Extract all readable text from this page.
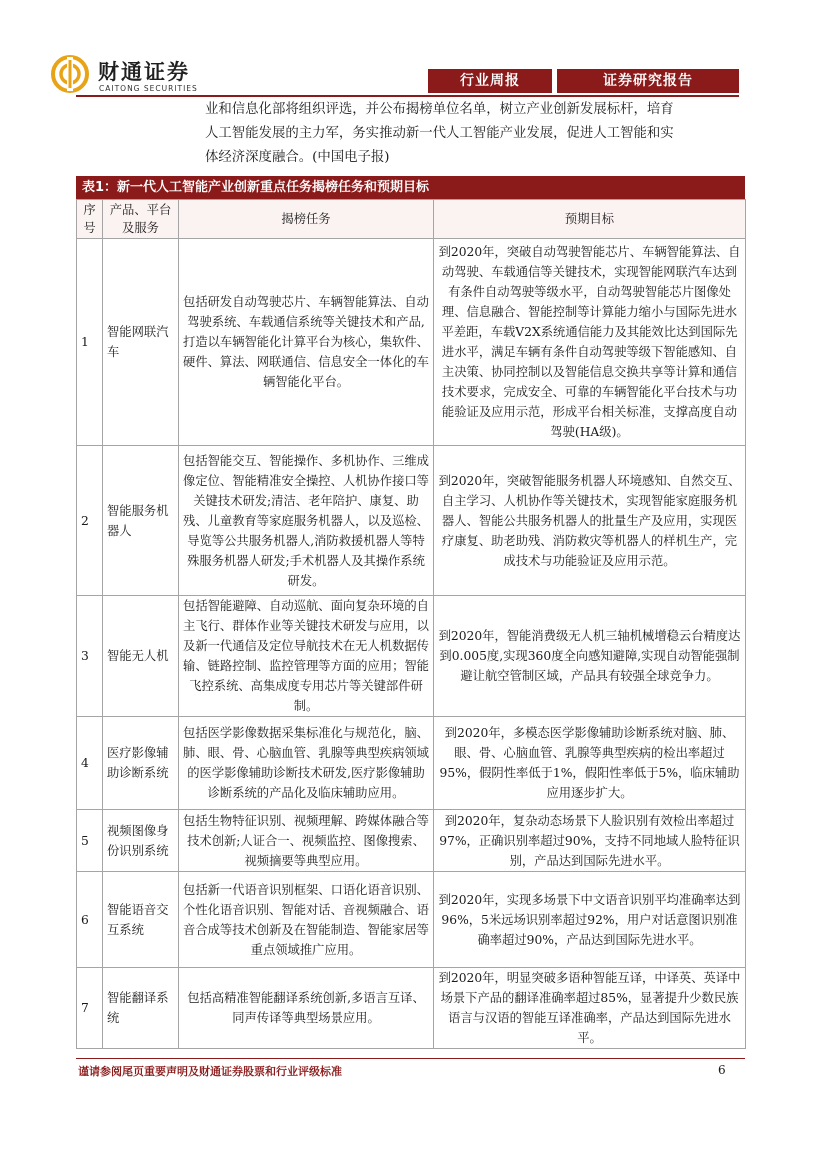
财通证券
CAITONG SECURITIES	行业周报	证券研究报告

业和信息化部将组织评选，并公布揭榜单位名单，树立产业创新发展标杆，培育

人工智能发展的主力军，务实推动新一代人工智能产业发展，促进人工智能和实

体经济深度融合。(中国电子报)

表1：新一代人工智能产业创新重点任务揭榜任务和预期目标
序号	产品、平台及服务	揭榜任务	预期目标
1	智能网联汽车	包括研发自动驾驶芯片、车辆智能算法、自动驾驶系统、车载通信系统等关键技术和产品,打造以车辆智能化计算平台为核心，集软件、硬件、算法、网联通信、信息安全一体化的车辆智能化平台。	到2020年，突破自动驾驶智能芯片、车辆智能算法、自动驾驶、车载通信等关键技术，实现智能网联汽车达到有条件自动驾驶等级水平，自动驾驶智能芯片图像处理、信息融合、智能控制等计算能力缩小与国际先进水平差距，车载V2X系统通信能力及其能效比达到国际先进水平，满足车辆有条件自动驾驶等级下智能感知、自主决策、协同控制以及智能信息交换共享等计算和通信技术要求，完成安全、可靠的车辆智能化平台技术与功能验证及应用示范，形成平台相关标准，支撑高度自动驾驶(HA级)。
2	智能服务机器人	包括智能交互、智能操作、多机协作、三维成像定位、智能精准安全操控、人机协作接口等关键技术研发;清洁、老年陪护、康复、助残、儿童教育等家庭服务机器人，以及巡检、导览等公共服务机器人,消防救援机器人等特殊服务机器人研发;手术机器人及其操作系统研发。	到2020年，突破智能服务机器人环境感知、自然交互、自主学习、人机协作等关键技术，实现智能家庭服务机器人、智能公共服务机器人的批量生产及应用，实现医疗康复、助老助残、消防救灾等机器人的样机生产，完成技术与功能验证及应用示范。
3	智能无人机	包括智能避障、自动巡航、面向复杂环境的自主飞行、群体作业等关键技术研发与应用，以及新一代通信及定位导航技术在无人机数据传输、链路控制、监控管理等方面的应用；智能飞控系统、高集成度专用芯片等关键部件研制。	到2020年，智能消费级无人机三轴机械增稳云台精度达到0.005度,实现360度全向感知避障,实现自动智能强制避让航空管制区域，产品具有较强全球竞争力。
4	医疗影像辅助诊断系统	包括医学影像数据采集标准化与规范化，脑、肺、眼、骨、心脑血管、乳腺等典型疾病领域的医学影像辅助诊断技术研发,医疗影像辅助诊断系统的产品化及临床辅助应用。	到2020年，多模态医学影像辅助诊断系统对脑、肺、眼、骨、心脑血管、乳腺等典型疾病的检出率超过95%，假阴性率低于1%，假阳性率低于5%，临床辅助应用逐步扩大。
5	视频图像身份识别系统	包括生物特征识别、视频理解、跨媒体融合等技术创新;人证合一、视频监控、图像搜索、视频摘要等典型应用。	到2020年，复杂动态场景下人脸识别有效检出率超过97%，正确识别率超过90%，支持不同地域人脸特征识别，产品达到国际先进水平。
6	智能语音交互系统	包括新一代语音识别框架、口语化语音识别、个性化语音识别、智能对话、音视频融合、语音合成等技术创新及在智能制造、智能家居等重点领域推广应用。	到2020年，实现多场景下中文语音识别平均准确率达到96%，5米远场识别率超过92%，用户对话意图识别准确率超过90%，产品达到国际先进水平。
7	智能翻译系统	包括高精准智能翻译系统创新,多语言互译、同声传译等典型场景应用。	到2020年，明显突破多语种智能互译，中译英、英译中场景下产品的翻译准确率超过85%，显著提升少数民族语言与汉语的智能互译准确率，产品达到国际先进水平。
谨请参阅尾页重要声明及财通证券股票和行业评级标准	6
